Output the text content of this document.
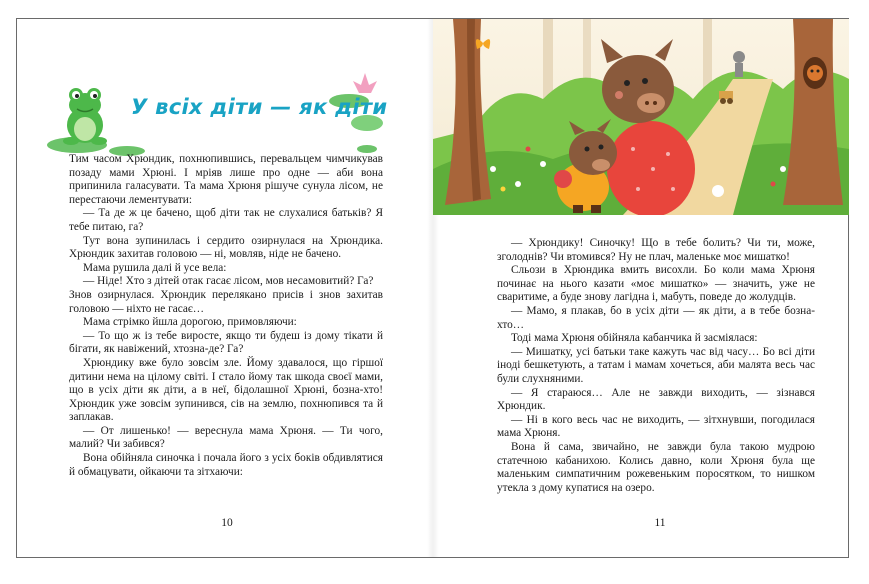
У всіх діти — як діти

Тим часом Хрюндик, похнюпившись, перевальцем чимчикував позаду мами Хрюні. І мріяв лише про одне — аби вона припинила галасувати. Та мама Хрюня рішуче сунула лісом, не перестаючи лементувати:

— Та де ж це бачено, щоб діти так не слухалися батьків? Я тебе питаю, га?

Тут вона зупинилась і сердито озирнулася на Хрюндика. Хрюндик захитав головою — ні, мовляв, ніде не бачено.

Мама рушила далі й усе вела:

— Ніде! Хто з дітей отак гасає лісом, мов несамовитий? Га?

Знов озирнулася. Хрюндик перелякано присів і знов захитав головою — ніхто не гасає…

Мама стрімко йшла дорогою, примовляючи:

— То що ж із тебе виросте, якщо ти будеш із дому тікати й бігати, як навіжений, хтозна-де? Га?

Хрюндику вже було зовсім зле. Йому здавалося, що гіршої дитини нема на цілому світі. І стало йому так шкода своєї мами, що в усіх діти як діти, а в неї, бідолашної Хрюні, бозна-хто! Хрюндик уже зовсім зупинився, сів на землю, похнюпився та й заплакав.

— От лишенько! — вереснула мама Хрюня. — Ти чого, малий? Чи забився?

Вона обійняла синочка і почала його з усіх боків обдивлятися й обмацувати, ойкаючи та зітхаючи:

10

— Хрюндику! Синочку! Що в тебе болить? Чи ти, може, зголоднів? Чи втомився? Ну не плач, маленьке моє мишатко!

Сльози в Хрюндика вмить висохли. Бо коли мама Хрюня починає на нього казати «моє мишатко» — значить, уже не сваритиме, а буде знову лагідна і, мабуть, поведе до жолудців.

— Мамо, я плакав, бо в усіх діти — як діти, а в тебе бозна-хто…

Тоді мама Хрюня обійняла кабанчика й засміялася:

— Мишатку, усі батьки таке кажуть час від часу… Бо всі діти іноді бешкетують, а татам і мамам хочеться, аби малята весь час були слухняними.

— Я стараюся… Але не завжди виходить, — зізнався Хрюндик.

— Ні в кого весь час не виходить, — зітхнувши, погодилася мама Хрюня.

Вона й сама, звичайно, не завжди була такою мудрою статечною кабанихою. Колись давно, коли Хрюня була ще маленьким симпатичним рожевеньким поросятком, то нишком утекла з дому купатися на озеро.

11
